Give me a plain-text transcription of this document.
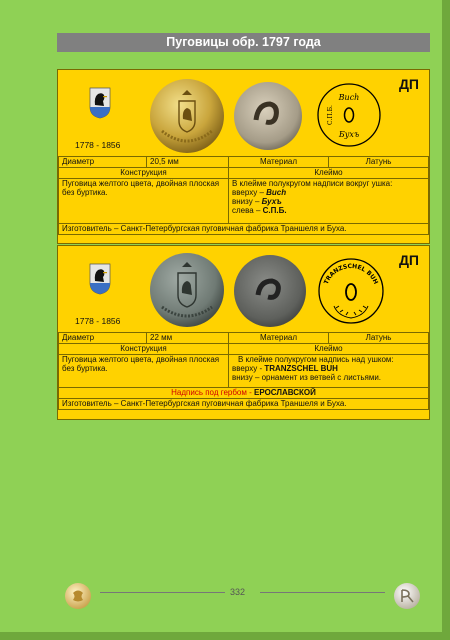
Пуговицы обр. 1797 года
1778 - 1856
Buch
Бухъ
С.П.Б.
ДП
Диаметр	20,5 мм	Материал	Латунь
Конструкция		Клеймо	
Пуговица желтого цвета, двойная плоская без буртика.		В клейме полукругом надписи вокруг ушка:
вверху – Buch
внизу – Бухъ
слева – С.П.Б.	

Изготовитель – Санкт-Петербургская пуговичная фабрика Траншеля и Буха.			
1778 - 1856
TRANZSCHEL BUH
ДП
Диаметр	22 мм	Материал	Латунь
Конструкция		Клеймо	
Пуговица желтого цвета, двойная плоская без буртика.		В клейме полукругом надпись над ушком:
вверху - TRANZSCHEL BUH
внизу – орнамент из ветвей с листьями.	

Надпись под гербом - ЕРОСЛАВСКОЙ			
Изготовитель – Санкт-Петербургская пуговичная фабрика Траншеля и Буха.			
332
